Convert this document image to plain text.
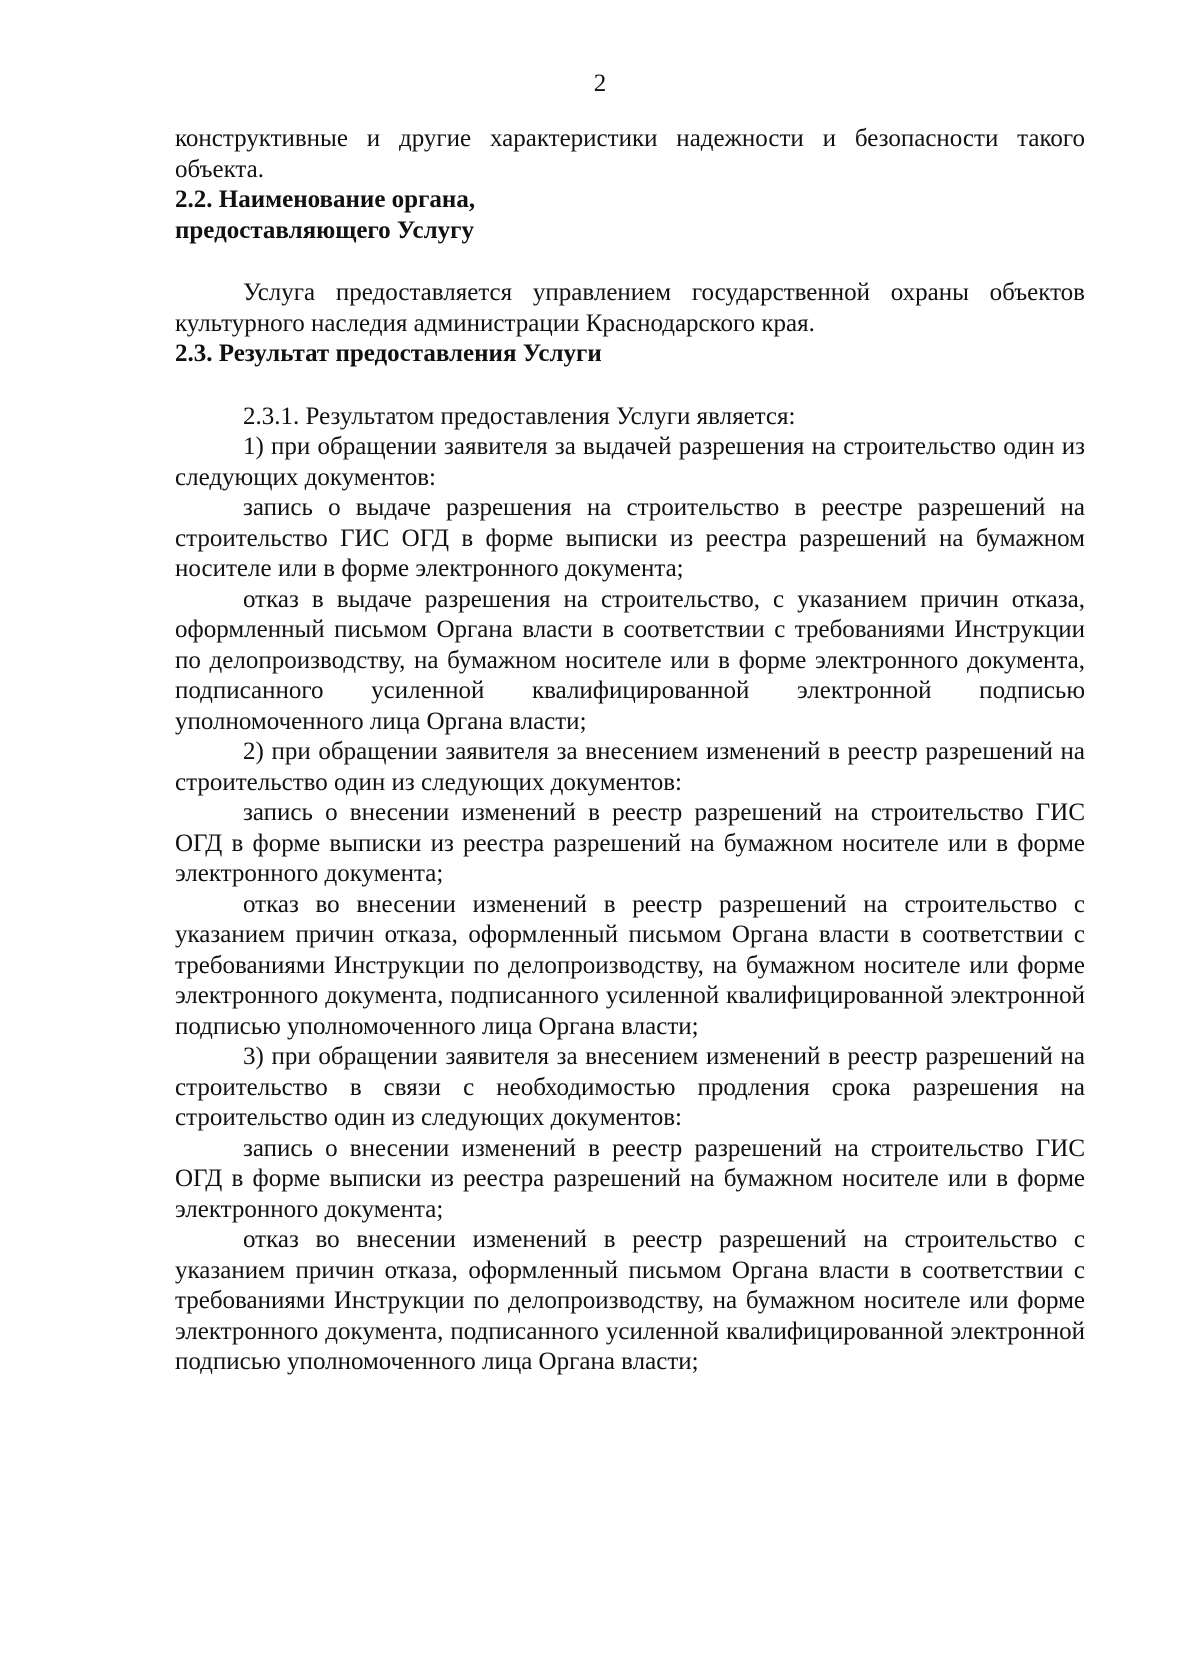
2

конструктивные и другие характеристики надежности и безопасности такого объекта.

2.2. Наименование органа,

предоставляющего Услугу

Услуга предоставляется управлением государственной охраны объектов культурного наследия администрации Краснодарского края.

2.3. Результат предоставления Услуги

2.3.1. Результатом предоставления Услуги является:

1) при обращении заявителя за выдачей разрешения на строительство один из следующих документов:

запись о выдаче разрешения на строительство в реестре разрешений на строительство ГИС ОГД в форме выписки из реестра разрешений на бумажном носителе или в форме электронного документа;

отказ в выдаче разрешения на строительство, с указанием причин отказа, оформленный письмом Органа власти в соответствии с требованиями Инструкции по делопроизводству, на бумажном носителе или в форме электронного документа, подписанного усиленной квалифицированной электронной подписью уполномоченного лица Органа власти;

2) при обращении заявителя за внесением изменений в реестр разрешений на строительство один из следующих документов:

запись о внесении изменений в реестр разрешений на строительство ГИС ОГД в форме выписки из реестра разрешений на бумажном носителе или в форме электронного документа;

отказ во внесении изменений в реестр разрешений на строительство с указанием причин отказа, оформленный письмом Органа власти в соответствии с требованиями Инструкции по делопроизводству, на бумажном носителе или форме электронного документа, подписанного усиленной квалифицированной электронной подписью уполномоченного лица Органа власти;

3) при обращении заявителя за внесением изменений в реестр разрешений на строительство в связи с необходимостью продления срока разрешения на строительство один из следующих документов:

запись о внесении изменений в реестр разрешений на строительство ГИС ОГД в форме выписки из реестра разрешений на бумажном носителе или в форме электронного документа;

отказ во внесении изменений в реестр разрешений на строительство с указанием причин отказа, оформленный письмом Органа власти в соответствии с требованиями Инструкции по делопроизводству, на бумажном носителе или форме электронного документа, подписанного усиленной квалифицированной электронной подписью уполномоченного лица Органа власти;
